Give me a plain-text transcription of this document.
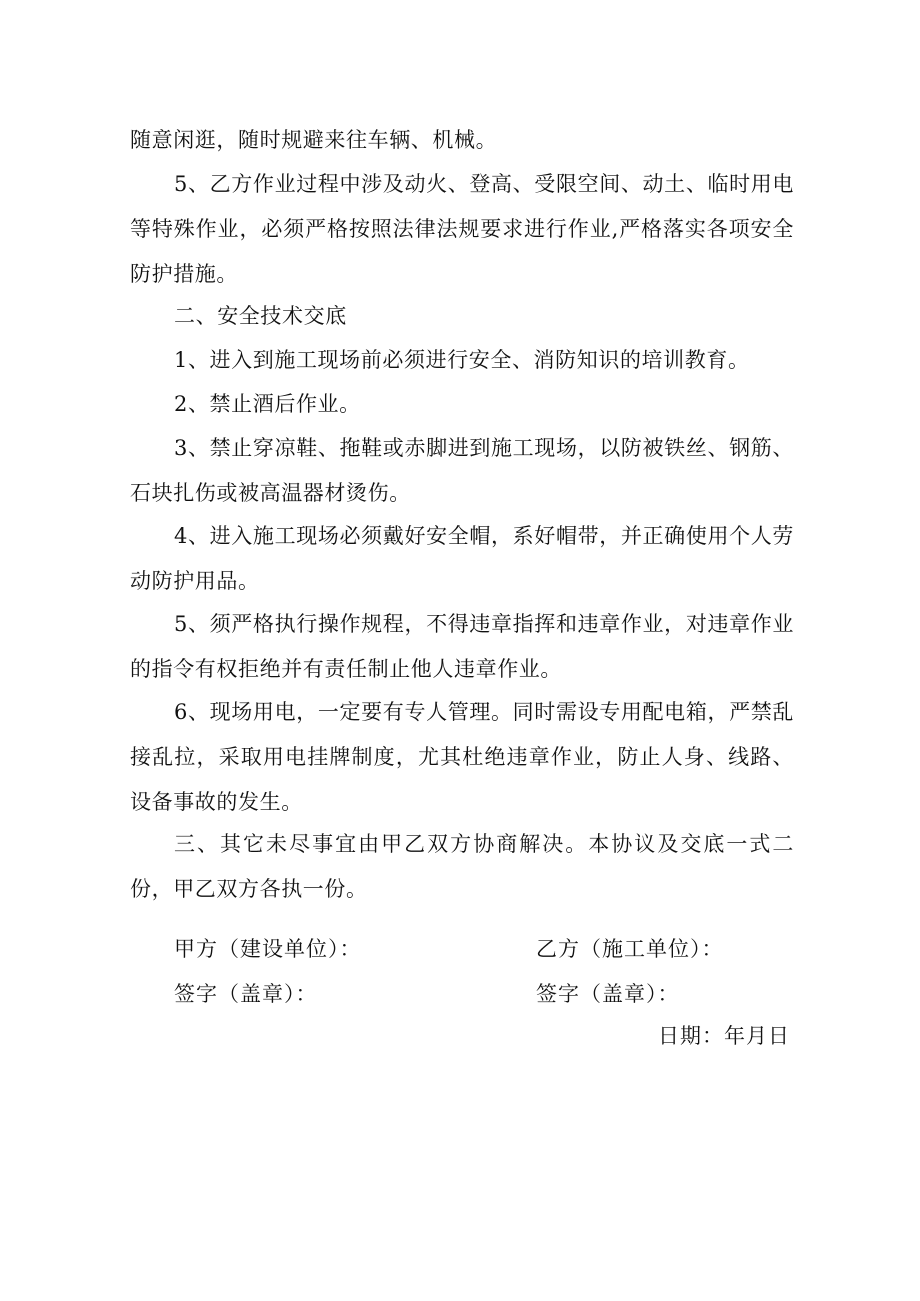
随意闲逛，随时规避来往车辆、机械。

5、乙方作业过程中涉及动火、登高、受限空间、动土、临时用电等特殊作业，必须严格按照法律法规要求进行作业,严格落实各项安全防护措施。

二、安全技术交底

1、进入到施工现场前必须进行安全、消防知识的培训教育。

2、禁止酒后作业。

3、禁止穿凉鞋、拖鞋或赤脚进到施工现场，以防被铁丝、钢筋、石块扎伤或被高温器材烫伤。

4、进入施工现场必须戴好安全帽，系好帽带，并正确使用个人劳动防护用品。

5、须严格执行操作规程，不得违章指挥和违章作业，对违章作业的指令有权拒绝并有责任制止他人违章作业。

6、现场用电，一定要有专人管理。同时需设专用配电箱，严禁乱接乱拉，采取用电挂牌制度，尤其杜绝违章作业，防止人身、线路、设备事故的发生。

三、其它未尽事宜由甲乙双方协商解决。本协议及交底一式二份，甲乙双方各执一份。

甲方（建设单位）：	乙方（施工单位）：
签字（盖章）：	签字（盖章）：
日期：年月日
